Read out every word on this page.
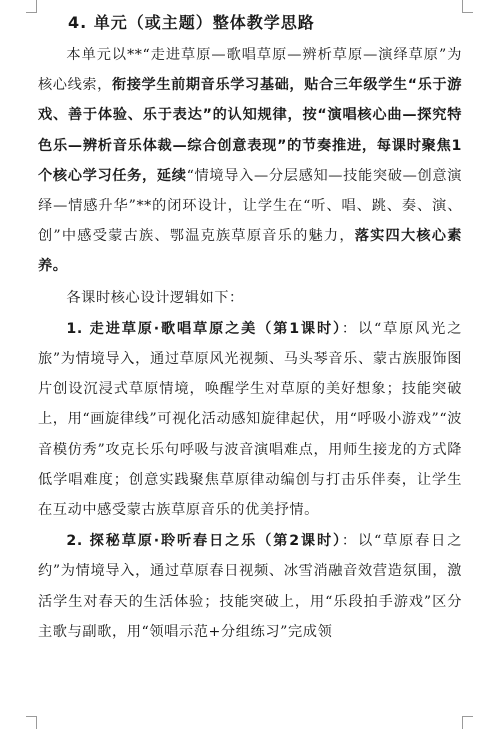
4. 单元（或主题）整体教学思路

本单元以**“走进草原—歌唱草原—辨析草原—演绎草原”为核心线索，衔接学生前期音乐学习基础，贴合三年级学生“乐于游戏、善于体验、乐于表达”的认知规律，按“演唱核心曲—探究特色乐—辨析音乐体裁—综合创意表现”的节奏推进，每课时聚焦1个核心学习任务，延续“情境导入—分层感知—技能突破—创意演绎—情感升华”**的闭环设计，让学生在“听、唱、跳、奏、演、创”中感受蒙古族、鄂温克族草原音乐的魅力，落实四大核心素养。

各课时核心设计逻辑如下：

1. 走进草原·歌唱草原之美（第1课时）：以“草原风光之旅”为情境导入，通过草原风光视频、马头琴音乐、蒙古族服饰图片创设沉浸式草原情境，唤醒学生对草原的美好想象；技能突破上，用“画旋律线”可视化活动感知旋律起伏，用“呼吸小游戏”“波音模仿秀”攻克长乐句呼吸与波音演唱难点，用师生接龙的方式降低学唱难度；创意实践聚焦草原律动编创与打击乐伴奏，让学生在互动中感受蒙古族草原音乐的优美抒情。

2. 探秘草原·聆听春日之乐（第2课时）：以“草原春日之约”为情境导入，通过草原春日视频、冰雪消融音效营造氛围，激活学生对春天的生活体验；技能突破上，用“乐段拍手游戏”区分主歌与副歌，用“领唱示范+分组练习”完成领
